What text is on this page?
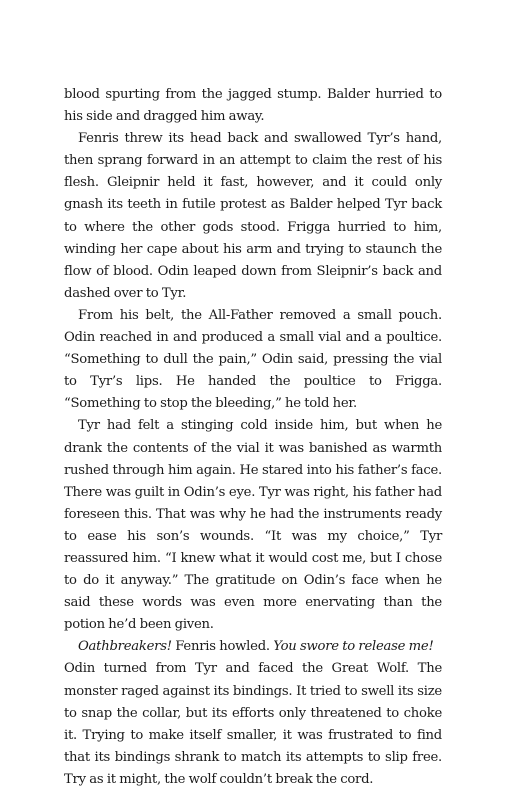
blood spurting from the jagged stump. Balder hurried to his side and dragged him away.

Fenris threw its head back and swallowed Tyr’s hand, then sprang forward in an attempt to claim the rest of his flesh. Gleipnir held it fast, however, and it could only gnash its teeth in futile protest as Balder helped Tyr back to where the other gods stood. Frigga hurried to him, winding her cape about his arm and trying to staunch the flow of blood. Odin leaped down from Sleipnir’s back and dashed over to Tyr.

From his belt, the All-Father removed a small pouch. Odin reached in and produced a small vial and a poultice. “Something to dull the pain,” Odin said, pressing the vial to Tyr’s lips. He handed the poultice to Frigga. “Something to stop the bleeding,” he told her.

Tyr had felt a stinging cold inside him, but when he drank the contents of the vial it was banished as warmth rushed through him again. He stared into his father’s face. There was guilt in Odin’s eye. Tyr was right, his father had foreseen this. That was why he had the instruments ready to ease his son’s wounds. “It was my choice,” Tyr reassured him. “I knew what it would cost me, but I chose to do it anyway.” The gratitude on Odin’s face when he said these words was even more enervating than the potion he’d been given.

Oathbreakers! Fenris howled. You swore to release me!

Odin turned from Tyr and faced the Great Wolf. The monster raged against its bindings. It tried to swell its size to snap the collar, but its efforts only threatened to choke it. Trying to make itself smaller, it was frustrated to find that its bindings shrank to match its attempts to slip free. Try as it might, the wolf couldn’t break the cord.
